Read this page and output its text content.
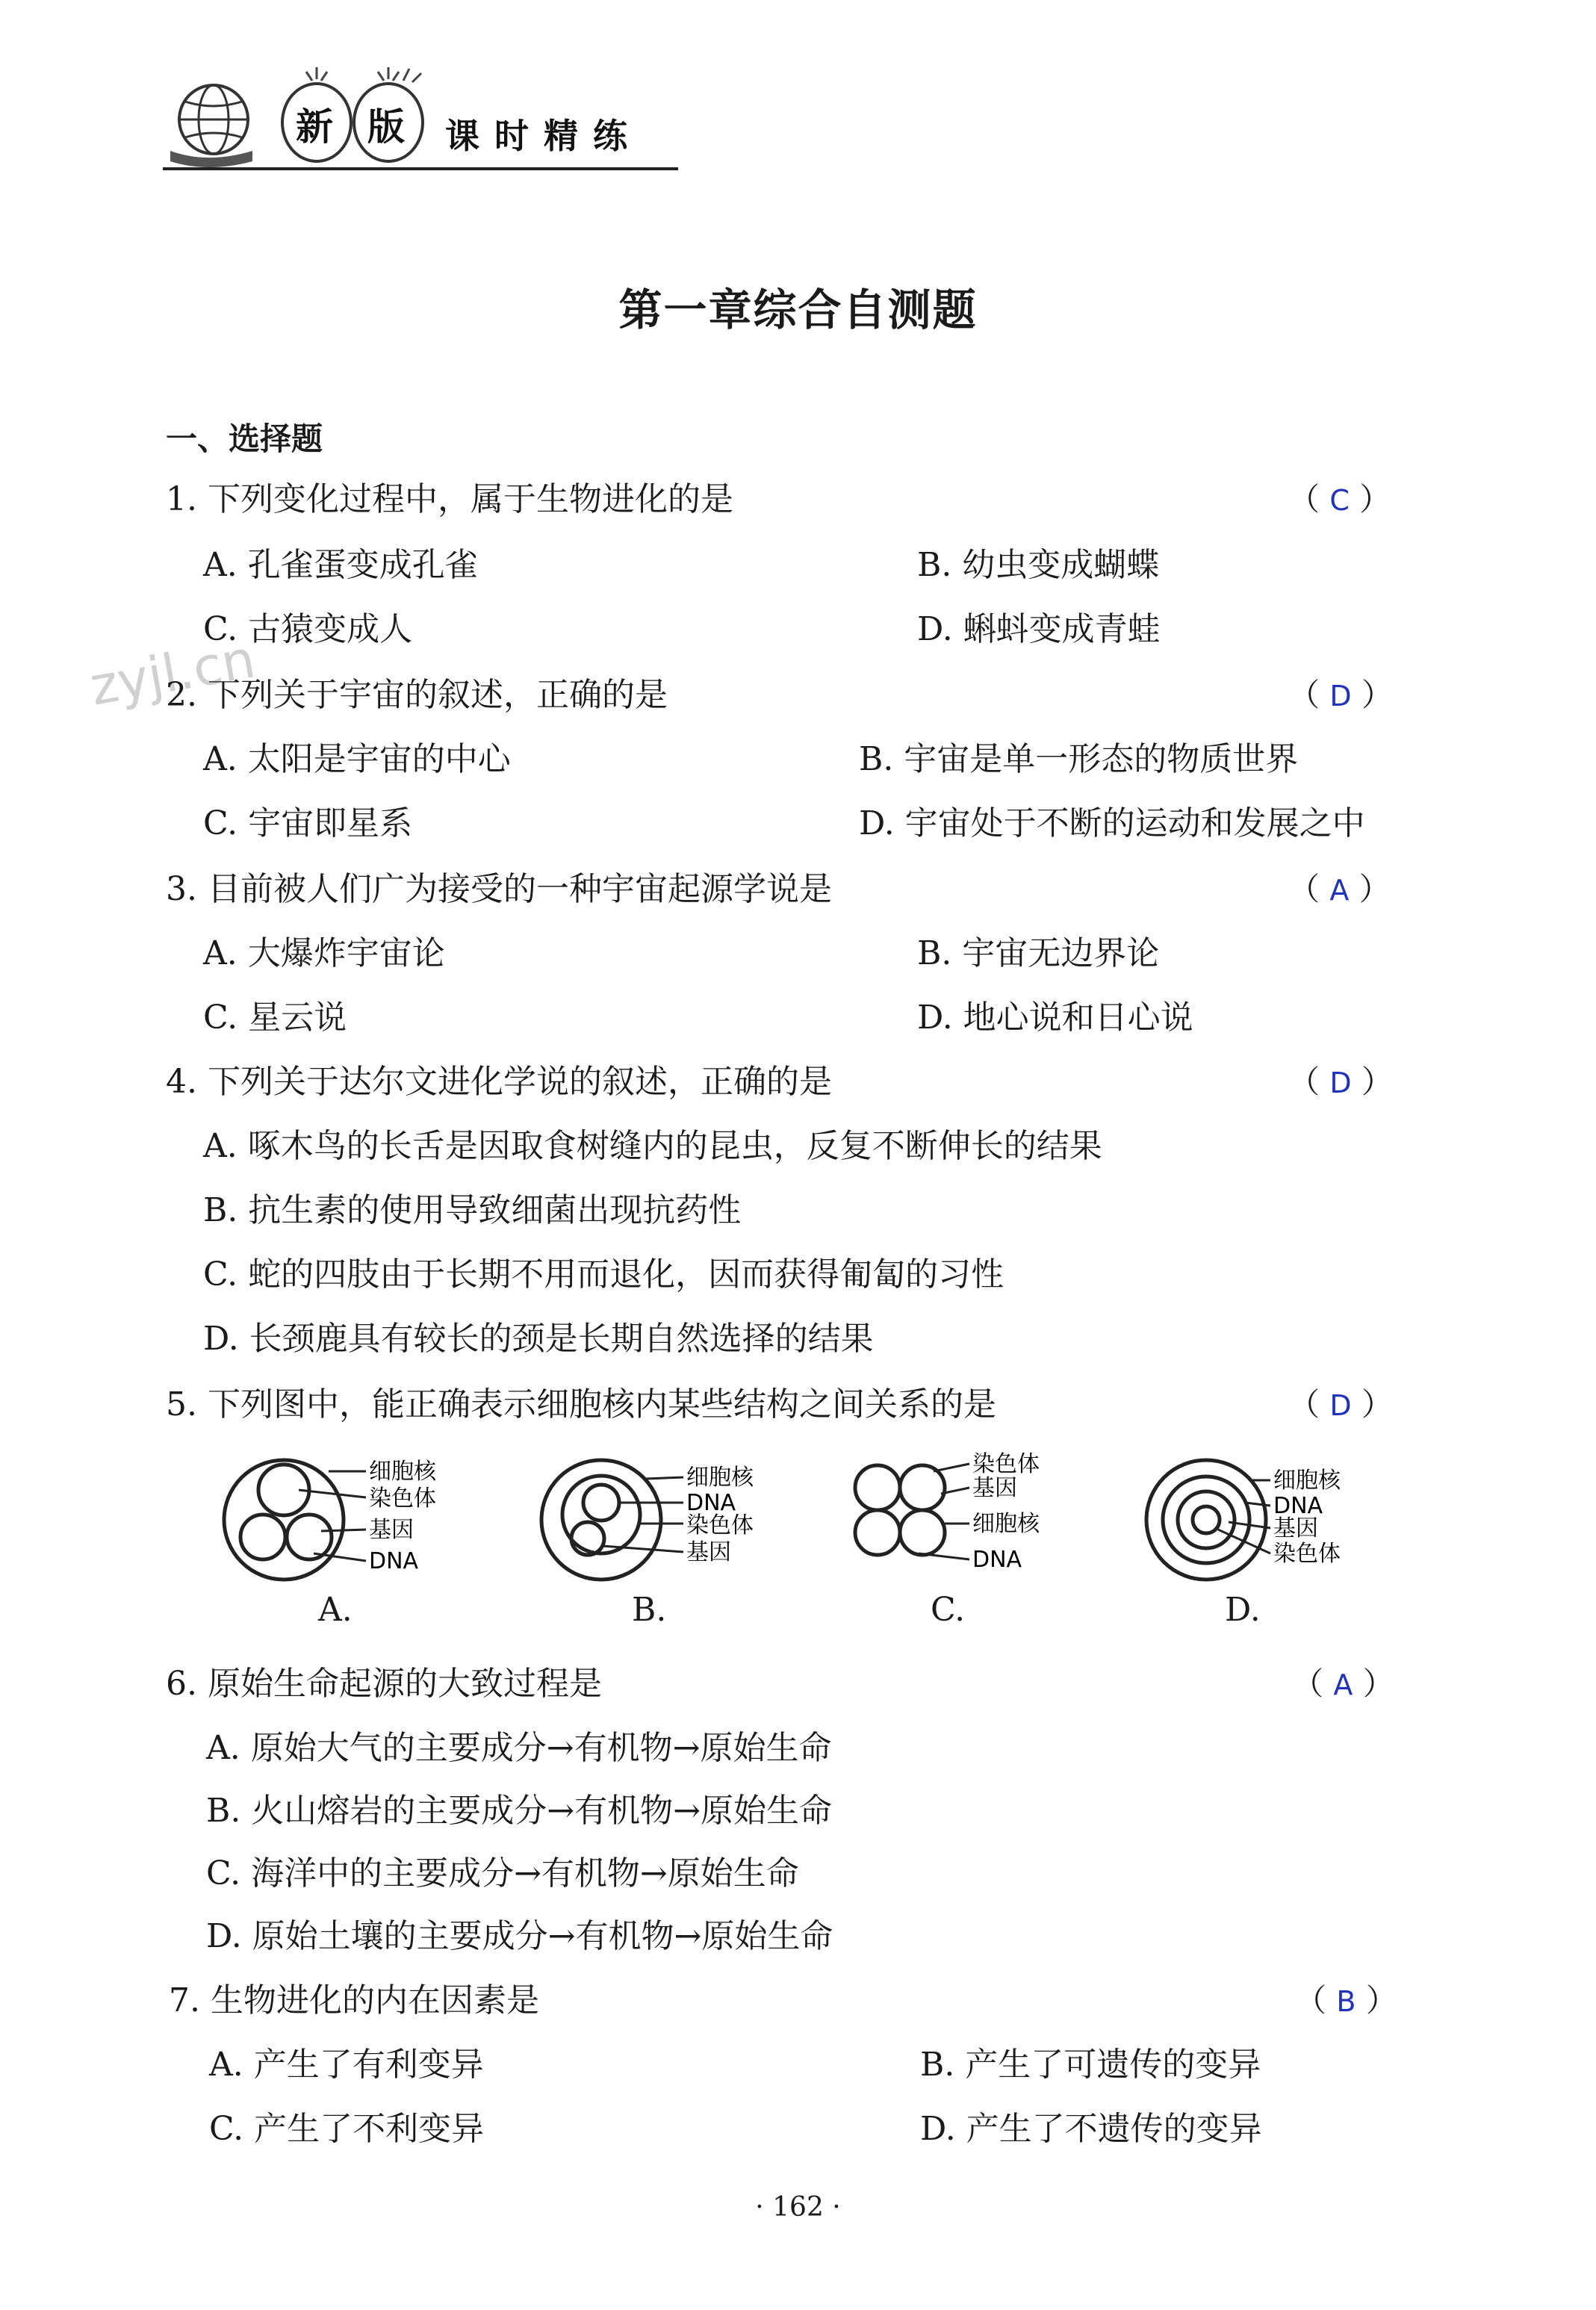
新 版 课 时 精 练
第一章综合自测题
一、选择题
zyjl.cn
1. 下列变化过程中，属于生物进化的是	（ C ）
A. 孔雀蛋变成孔雀	B. 幼虫变成蝴蝶
C. 古猿变成人	D. 蝌蚪变成青蛙
2. 下列关于宇宙的叙述，正确的是	（ D ）
A. 太阳是宇宙的中心	B. 宇宙是单一形态的物质世界
C. 宇宙即星系	D. 宇宙处于不断的运动和发展之中
3. 目前被人们广为接受的一种宇宙起源学说是	（ A ）
A. 大爆炸宇宙论	B. 宇宙无边界论
C. 星云说	D. 地心说和日心说
4. 下列关于达尔文进化学说的叙述，正确的是	（ D ）
A. 啄木鸟的长舌是因取食树缝内的昆虫，反复不断伸长的结果
B. 抗生素的使用导致细菌出现抗药性
C. 蛇的四肢由于长期不用而退化，因而获得匍匐的习性
D. 长颈鹿具有较长的颈是长期自然选择的结果
5. 下列图中，能正确表示细胞核内某些结构之间关系的是	（ D ）
细胞核
染色体
基因
DNA
A.
细胞核
DNA
染色体
基因
B.
染色体
基因
细胞核
DNA
C.
细胞核
DNA
基因
染色体
D.
6. 原始生命起源的大致过程是	（ A ）
A. 原始大气的主要成分→有机物→原始生命
B. 火山熔岩的主要成分→有机物→原始生命
C. 海洋中的主要成分→有机物→原始生命
D. 原始土壤的主要成分→有机物→原始生命
7. 生物进化的内在因素是	（ B ）
A. 产生了有利变异	B. 产生了可遗传的变异
C. 产生了不利变异	D. 产生了不遗传的变异
· 162 ·
